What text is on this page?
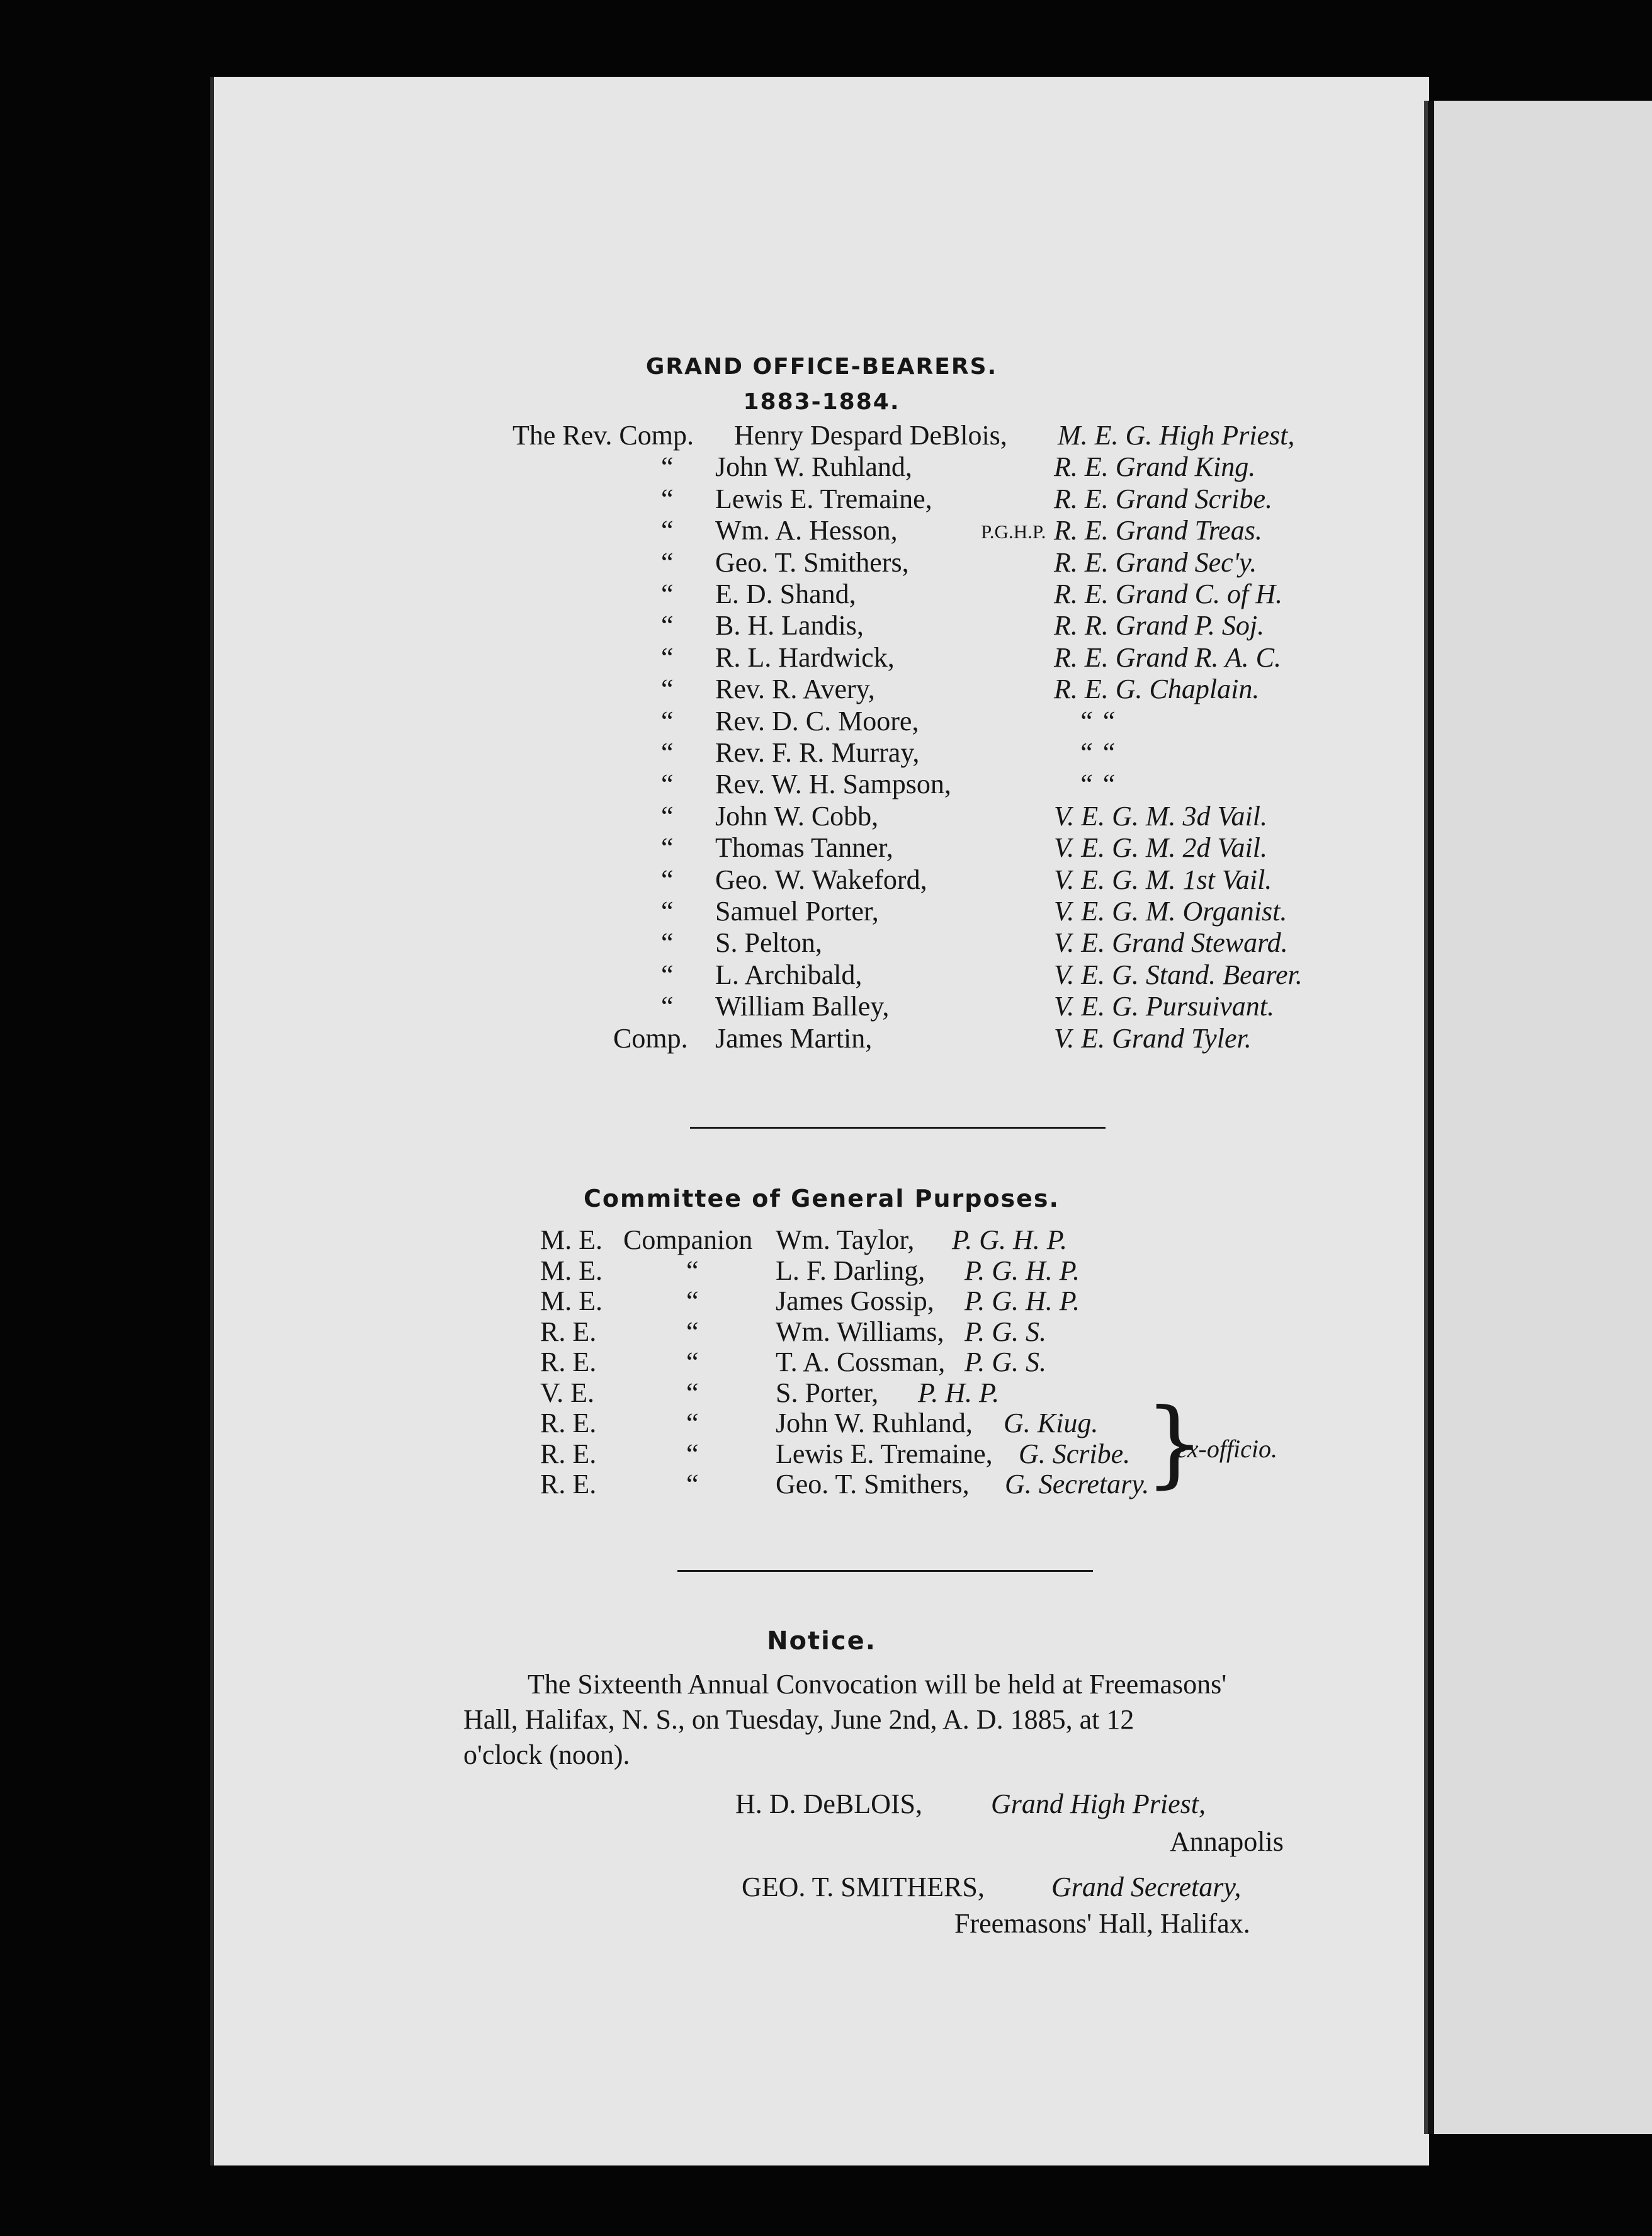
GRAND OFFICE-BEARERS.
1883-1884.
The Rev. Comp. Henry Despard DeBlois, M. E. G. High Priest,
“ John W. Ruhland,	R. E. Grand King.
“ Lewis E. Tremaine,	R. E. Grand Scribe.
“ Wm. A. Hesson,	P.G.H.P. R. E. Grand Treas.
“ Geo. T. Smithers,	R. E. Grand Sec'y.
“ E. D. Shand,	R. E. Grand C. of H.
“ B. H. Landis,	R. R. Grand P. Soj.
“ R. L. Hardwick,	R. E. Grand R. A. C.
“ Rev. R. Avery,	R. E. G. Chaplain.
“ Rev. D. C. Moore,	“ “
“ Rev. F. R. Murray,	“ “
“ Rev. W. H. Sampson,	“ “
“ John W. Cobb,	V. E. G. M. 3d Vail.
“ Thomas Tanner,	V. E. G. M. 2d Vail.
“ Geo. W. Wakeford,	V. E. G. M. 1st Vail.
“ Samuel Porter,	V. E. G. M. Organist.
“ S. Pelton,	V. E. Grand Steward.
“ L. Archibald,	V. E. G. Stand. Bearer.
“ William Balley,	V. E. G. Pursuivant.
Comp. James Martin,	V. E. Grand Tyler.
Committee of General Purposes.
M. E. Companion Wm. Taylor, P. G. H. P.
M. E.	“	L. F. Darling, P. G. H. P.
M. E.	“	James Gossip, P. G. H. P.
R. E.	“	Wm. Williams, P. G. S.
R. E.	“	T. A. Cossman, P. G. S.
V. E.	“	S. Porter, P. H. P.
R. E.	“	John W. Ruhland, G. Kiug.
R. E.	“	Lewis E. Tremaine, G. Scribe.
R. E.	“	Geo. T. Smithers, G. Secretary.
}
ex-officio.
Notice.
The Sixteenth Annual Convocation will be held at Freemasons'
Hall, Halifax, N. S., on Tuesday, June 2nd, A. D. 1885, at 12
o'clock (noon).
H. D. DeBLOIS, Grand High Priest,
Annapolis
GEO. T. SMITHERS, Grand Secretary,
Freemasons' Hall, Halifax.
